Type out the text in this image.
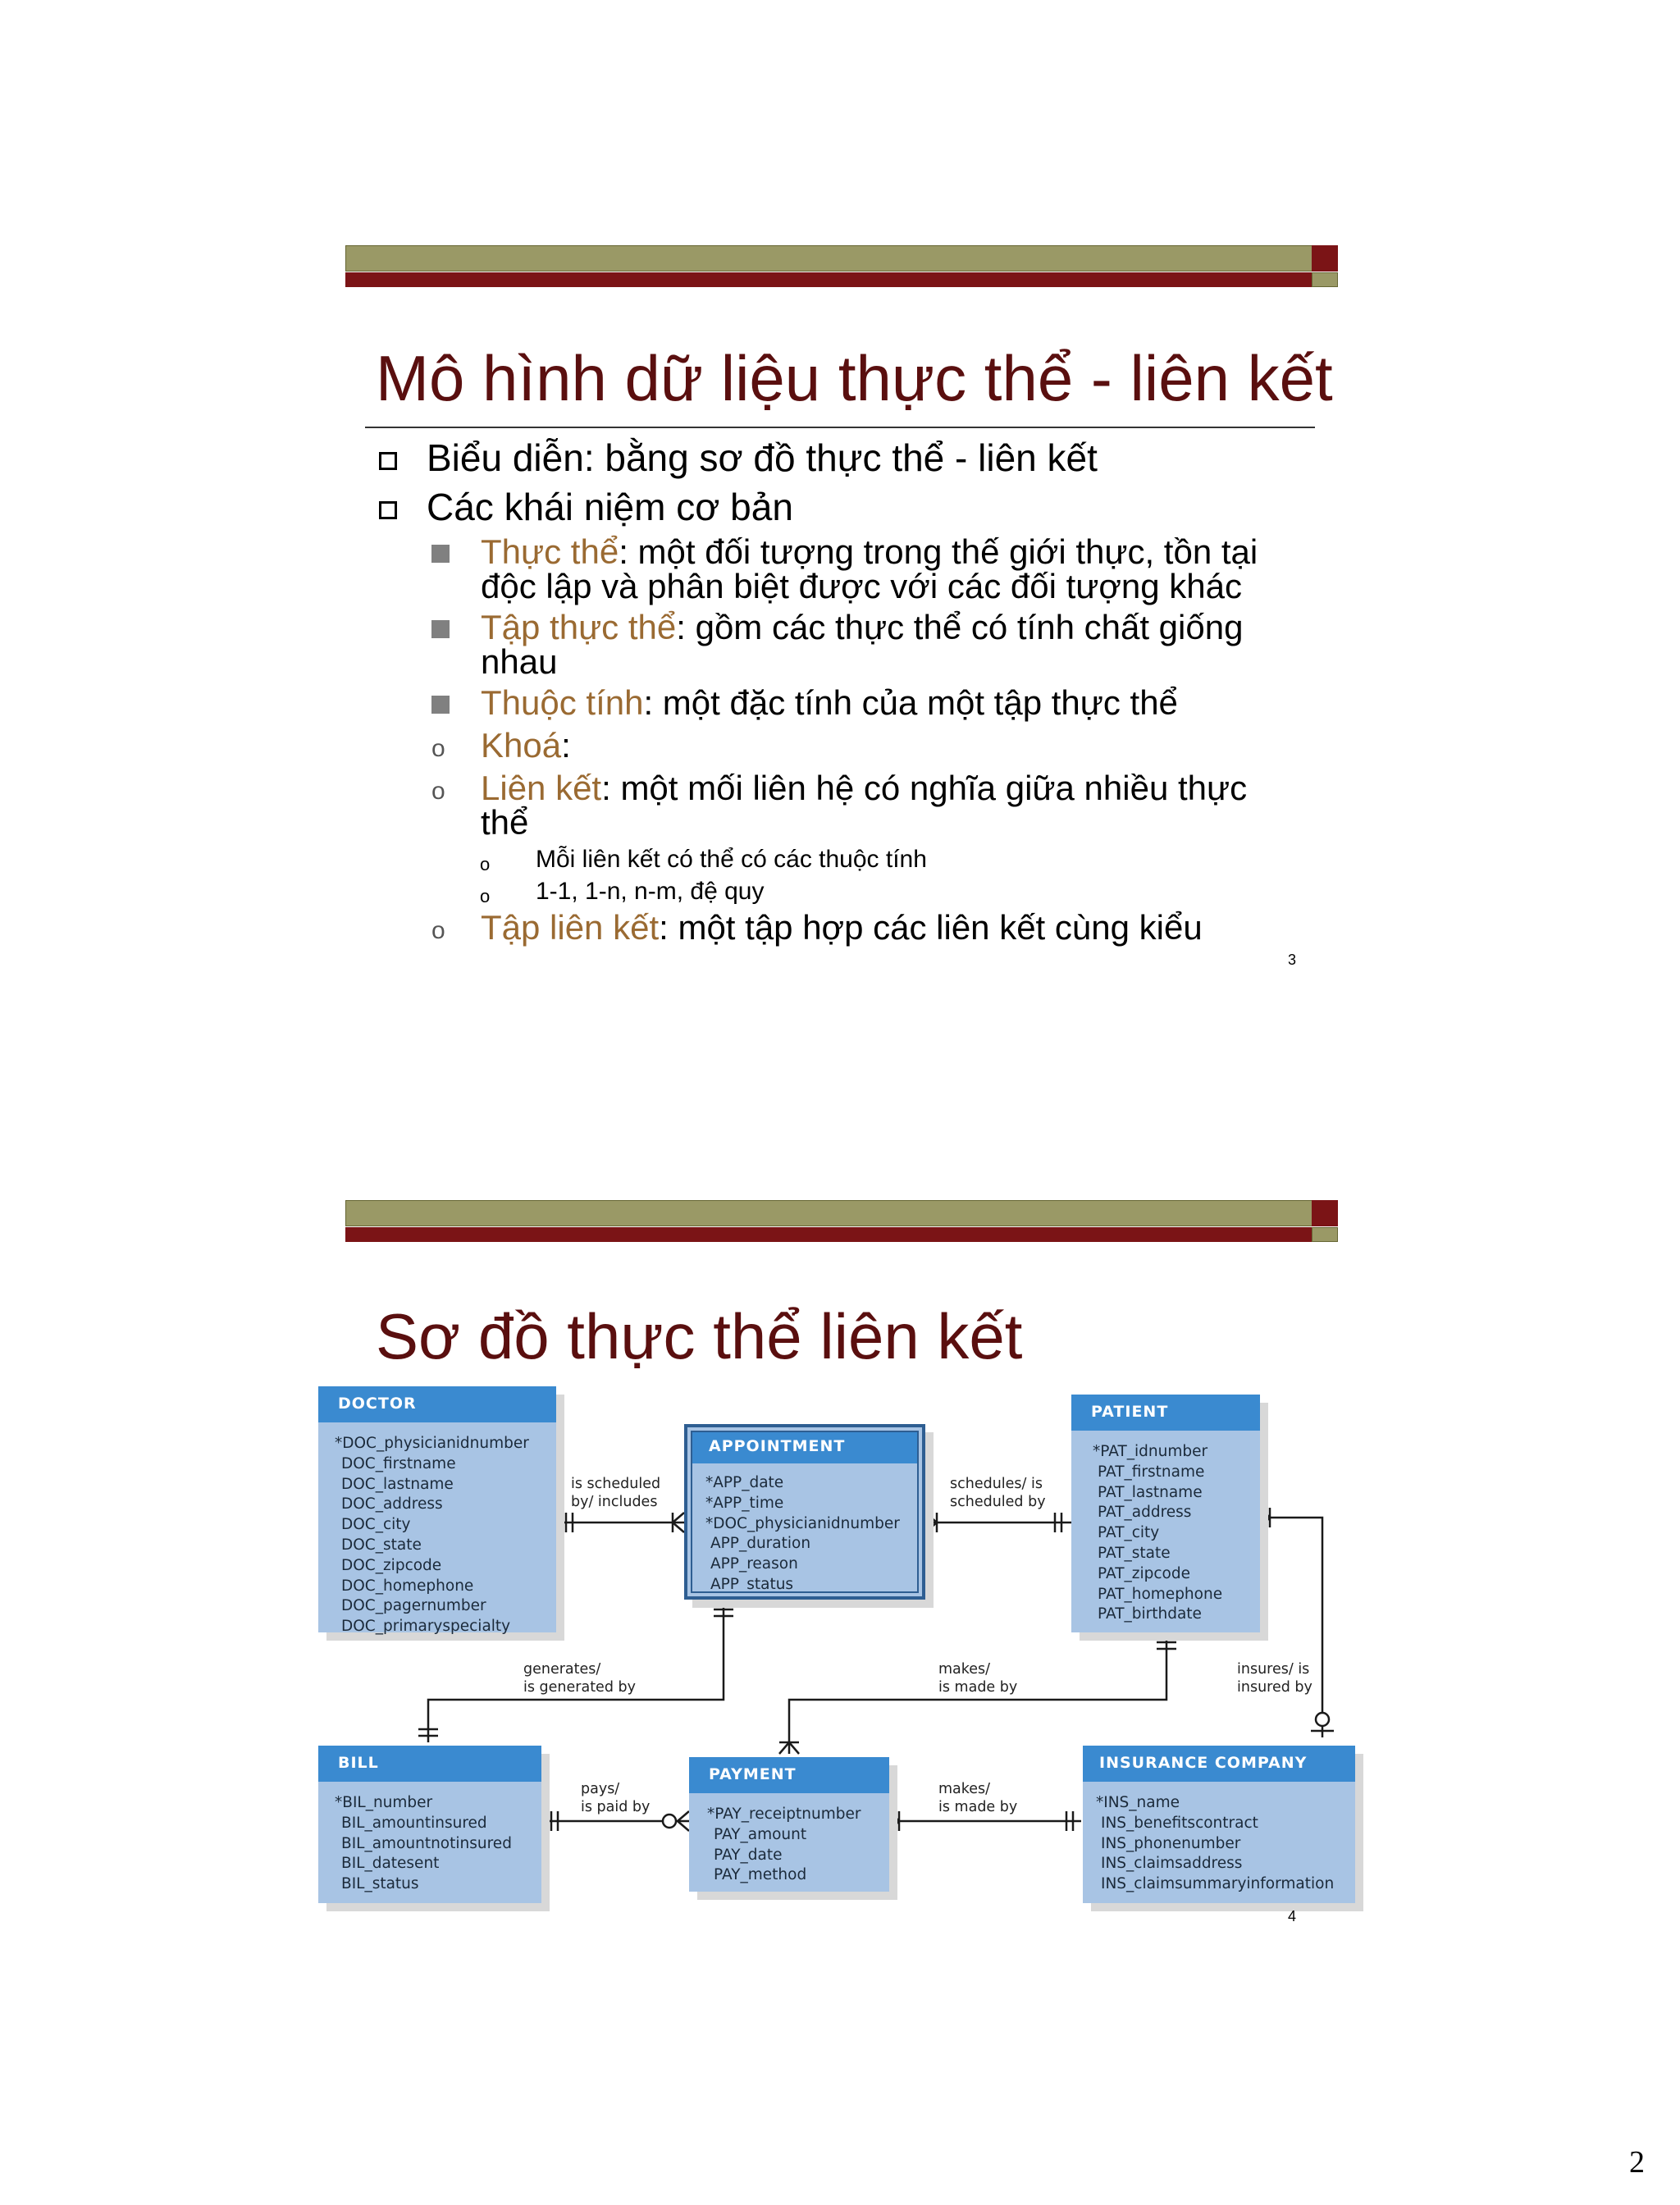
Mô hình dữ liệu thực thể - liên kết
Biểu diễn: bằng sơ đồ thực thể - liên kết
Các khái niệm cơ bản
Thực thể: một đối tượng trong thế giới thực, tồn tại
độc lập và phân biệt được với các đối tượng khác
Tập thực thể: gồm các thực thể có tính chất giống
nhau
Thuộc tính: một đặc tính của một tập thực thể
o Khoá:
o Liên kết: một mối liên hệ có nghĩa giữa nhiều thực
thể
o Mỗi liên kết có thể có các thuộc tính
o 1-1, 1-n, n-m, đệ quy
o Tập liên kết: một tập hợp các liên kết cùng kiểu
3
Sơ đồ thực thể liên kết
DOCTOR
*DOC_physicianidnumber
DOC_firstname
DOC_lastname
DOC_address
DOC_city
DOC_state
DOC_zipcode
DOC_homephone
DOC_pagernumber
DOC_primaryspecialty
APPOINTMENT
*APP_date
*APP_time
*DOC_physicianidnumber
APP_duration
APP_reason
APP_status
PATIENT
*PAT_idnumber
PAT_firstname
PAT_lastname
PAT_address
PAT_city
PAT_state
PAT_zipcode
PAT_homephone
PAT_birthdate
BILL
*BIL_number
BIL_amountinsured
BIL_amountnotinsured
BIL_datesent
BIL_status
PAYMENT
*PAY_receiptnumber
PAY_amount
PAY_date
PAY_method
INSURANCE COMPANY
*INS_name
INS_benefitscontract
INS_phonenumber
INS_claimsaddress
INS_claimsummaryinformation
is scheduled
by/ includes
schedules/ is
scheduled by
generates/
is generated by
makes/
is made by
insures/ is
insured by
pays/
is paid by
makes/
is made by
4
2
